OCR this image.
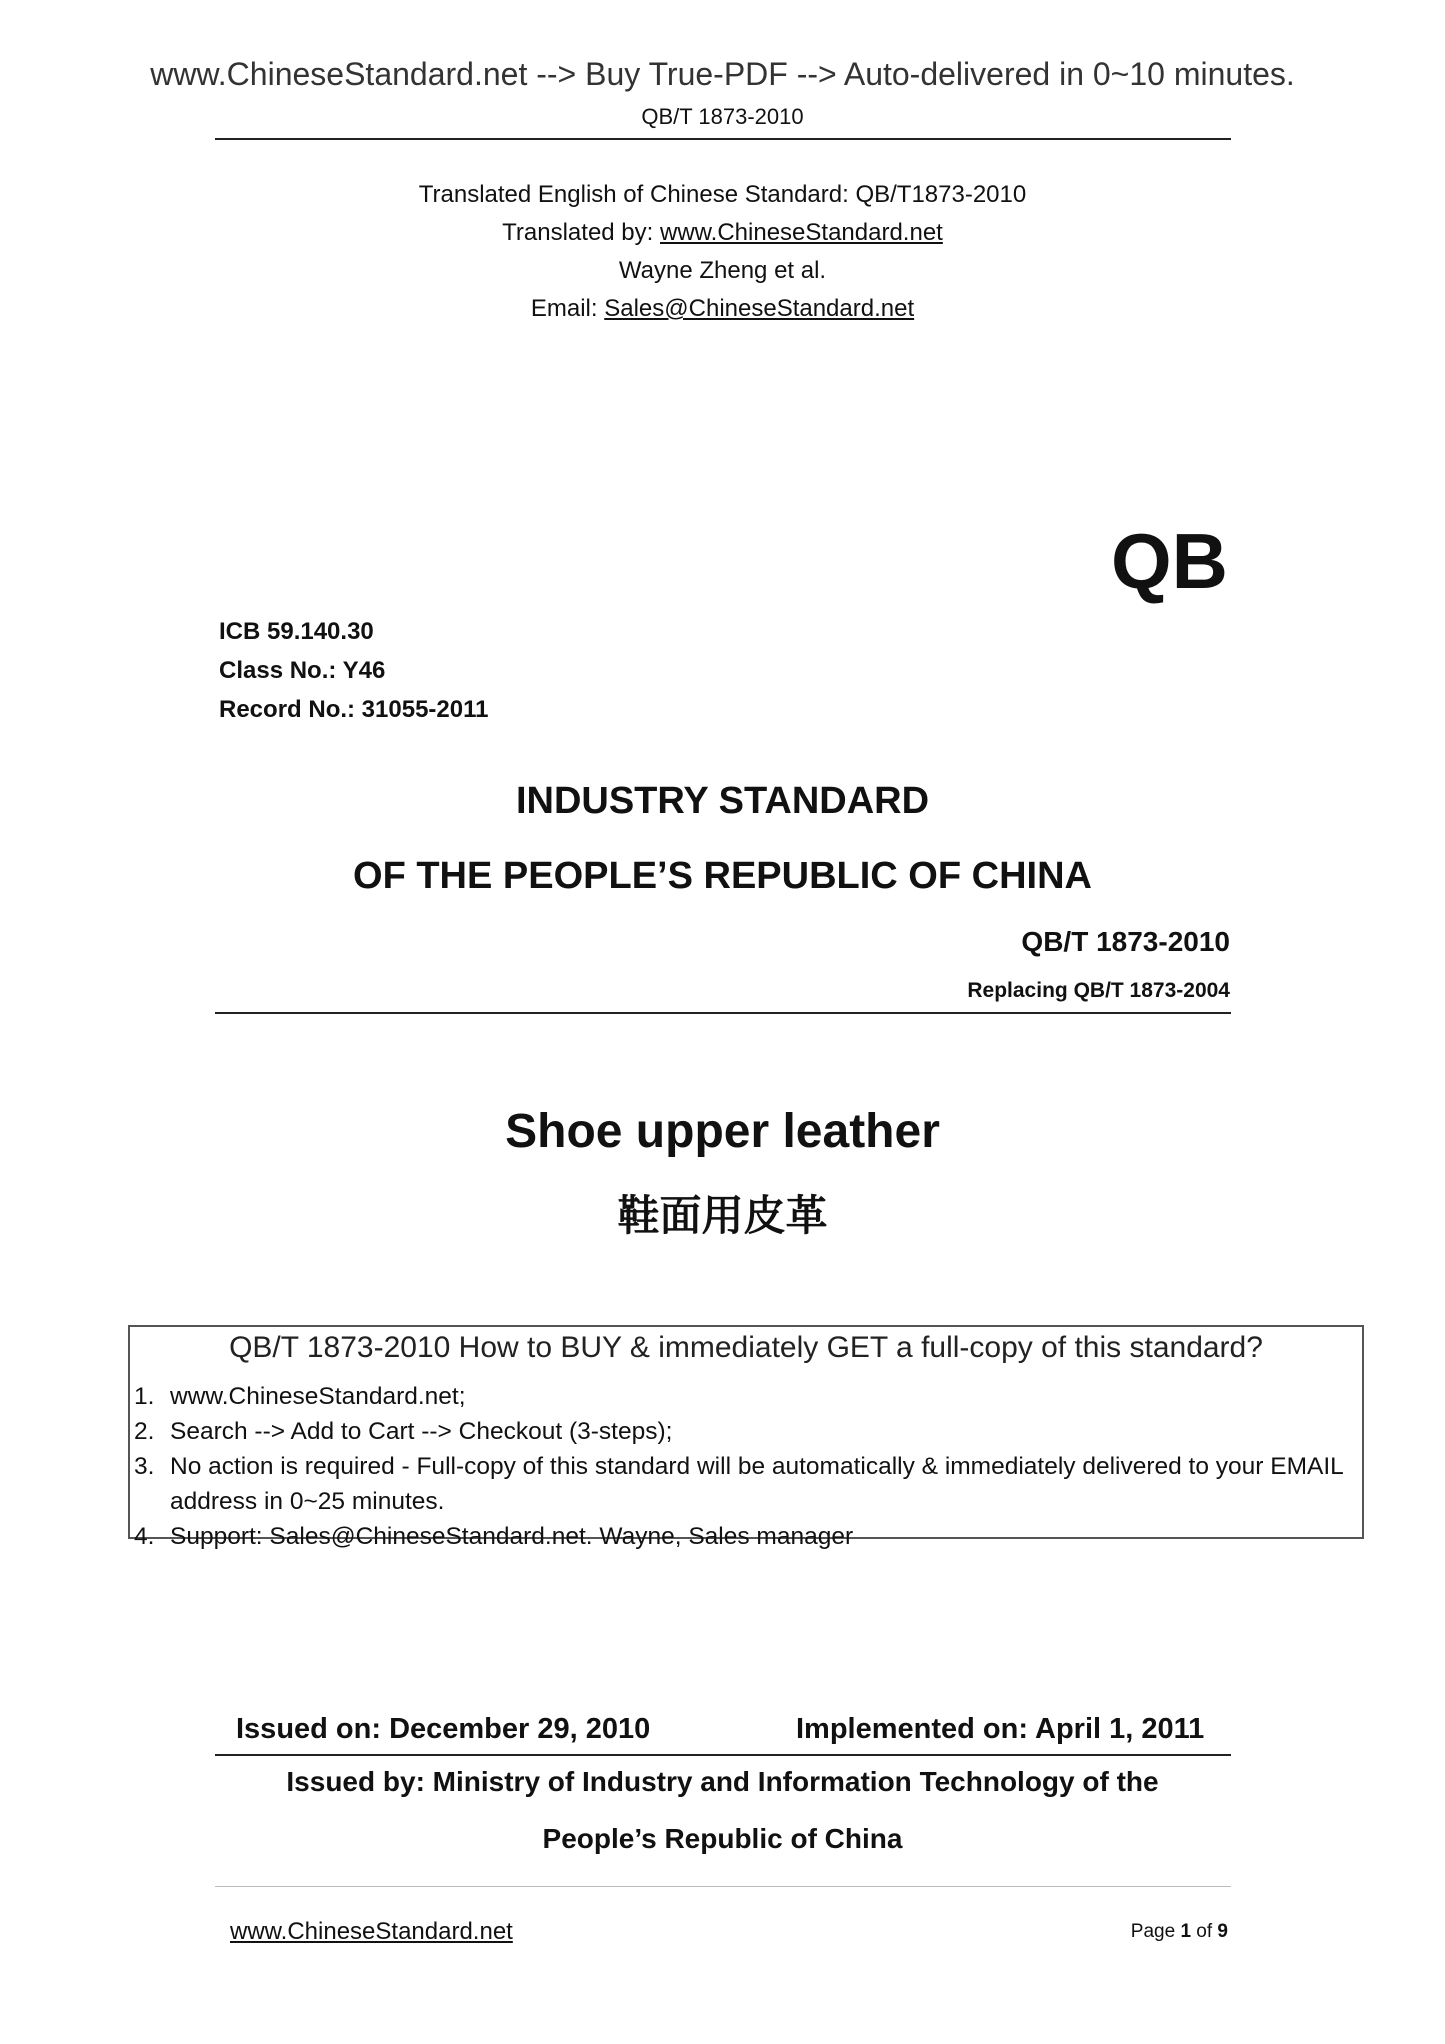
www.ChineseStandard.net --> Buy True-PDF --> Auto-delivered in 0~10 minutes.
QB/T 1873-2010
Translated English of Chinese Standard: QB/T1873-2010
Translated by: www.ChineseStandard.net
Wayne Zheng et al.
Email: Sales@ChineseStandard.net
QB
ICB 59.140.30
Class No.: Y46
Record No.: 31055-2011
INDUSTRY STANDARD
OF THE PEOPLE’S REPUBLIC OF CHINA
QB/T 1873-2010
Replacing QB/T 1873-2004
Shoe upper leather
鞋面用皮革
QB/T 1873-2010 How to BUY & immediately GET a full-copy of this standard?
1. www.ChineseStandard.net;
2. Search --> Add to Cart --> Checkout (3-steps);
3. No action is required - Full-copy of this standard will be automatically & immediately delivered to your EMAIL address in 0~25 minutes.
4. Support: Sales@ChineseStandard.net. Wayne, Sales manager
Issued on: December 29, 2010	Implemented on: April 1, 2011
Issued by: Ministry of Industry and Information Technology of the
People’s Republic of China
www.ChineseStandard.net	Page 1 of 9
